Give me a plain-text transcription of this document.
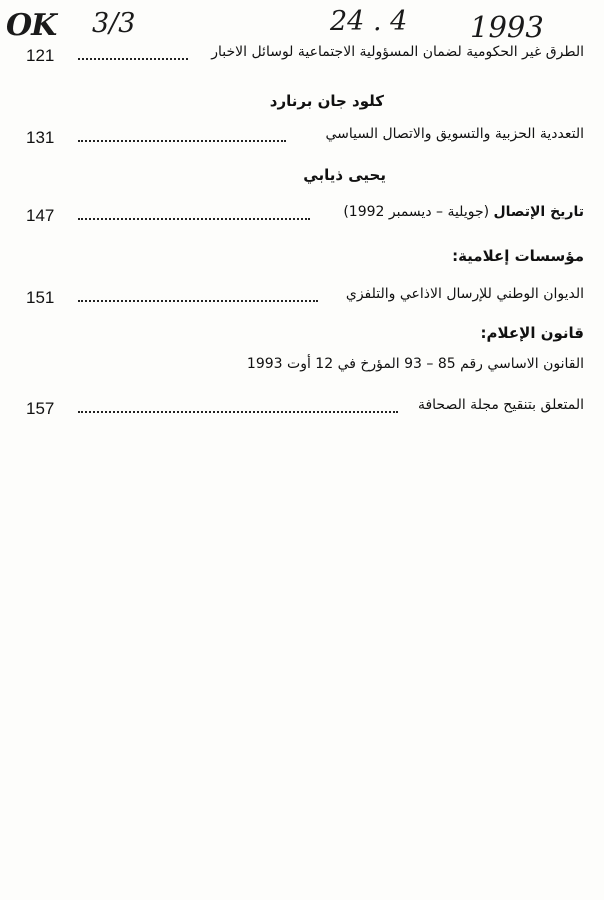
OK 3/3	24 . 4 1993
121	الطرق غير الحكومية لضمان المسؤولية الاجتماعية لوسائل الاخبار
كلود جان برنارد
131	التعددية الحزبية والتسويق والاتصال السياسي
يحيى ذيابي
147	تاريخ الإتصال (جويلية – ديسمبر 1992)
مؤسسات إعلامية:
151	الديوان الوطني للإرسال الاذاعي والتلفزي
قانون الإعلام:
القانون الاساسي رقم 85 – 93 المؤرخ في 12 أوت 1993
157	المتعلق بتنقيح مجلة الصحافة
